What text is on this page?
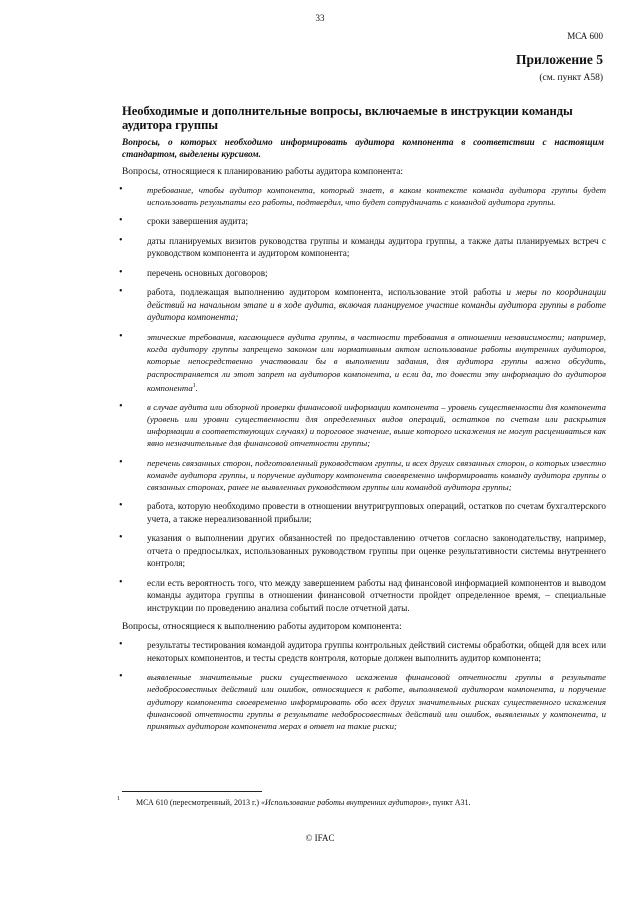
33
МСА 600
Приложение 5
(см. пункт А58)
Необходимые и дополнительные вопросы, включаемые в инструкции команды аудитора группы
Вопросы, о которых необходимо информировать аудитора компонента в соответствии с настоящим стандартом, выделены курсивом.
Вопросы, относящиеся к планированию работы аудитора компонента:
•	требование, чтобы аудитор компонента, который знает, в каком контексте команда аудитора группы будет использовать результаты его работы, подтвердил, что будет сотрудничать с командой аудитора группы.
•	сроки завершения аудита;
•	даты планируемых визитов руководства группы и команды аудитора группы, а также даты планируемых встреч с руководством компонента и аудитором компонента;
•	перечень основных договоров;
•	работа, подлежащая выполнению аудитором компонента, использование этой работы и меры по координации действий на начальном этапе и в ходе аудита, включая планируемое участие команды аудитора группы в работе аудитора компонента;
•	этические требования, касающиеся аудита группы, в частности требования в отношении независимости; например, когда аудитору группы запрещено законом или нормативным актом использование работы внутренних аудиторов, которые непосредственно участвовали бы в выполнении задания, для аудитора группы важно обсудить, распространяется ли этот запрет на аудиторов компонента, и если да, то довести эту информацию до аудиторов компонента$^1$.
•	в случае аудита или обзорной проверки финансовой информации компонента – уровень существенности для компонента (уровень или уровни существенности для определенных видов операций, остатков по счетам или раскрытия информации в соответствующих случаях) и пороговое значение, выше которого искажения не могут расцениваться как явно незначительные для финансовой отчетности группы;
•	перечень связанных сторон, подготовленный руководством группы, и всех других связанных сторон, о которых известно команде аудитора группы, и поручение аудитору компонента своевременно информировать команду аудитора группы о связанных сторонах, ранее не выявленных руководством группы или командой аудитора группы;
•	работа, которую необходимо провести в отношении внутригрупповых операций, остатков по счетам бухгалтерского учета, а также нереализованной прибыли;
•	указания о выполнении других обязанностей по предоставлению отчетов согласно законодательству, например, отчета о предпосылках, использованных руководством группы при оценке результативности системы внутреннего контроля;
•	если есть вероятность того, что между завершением работы над финансовой информацией компонентов и выводом команды аудитора группы в отношении финансовой отчетности пройдет определенное время, – специальные инструкции по проведению анализа событий после отчетной даты.
Вопросы, относящиеся к выполнению работы аудитором компонента:
•	результаты тестирования командой аудитора группы контрольных действий системы обработки, общей для всех или некоторых компонентов, и тесты средств контроля, которые должен выполнить аудитор компонента;
•	выявленные значительные риски существенного искажения финансовой отчетности группы в результате недобросовестных действий или ошибок, относящиеся к работе, выполняемой аудитором компонента, и поручение аудитору компонента своевременно информировать обо всех других значительных рисках существенного искажения финансовой отчетности группы в результате недобросовестных действий или ошибок, выявленных у компонента, и принятых аудитором компонента мерах в ответ на такие риски;
1	МСА 610 (пересмотренный, 2013 г.) «Использование работы внутренних аудиторов», пункт А31.
© IFAC
